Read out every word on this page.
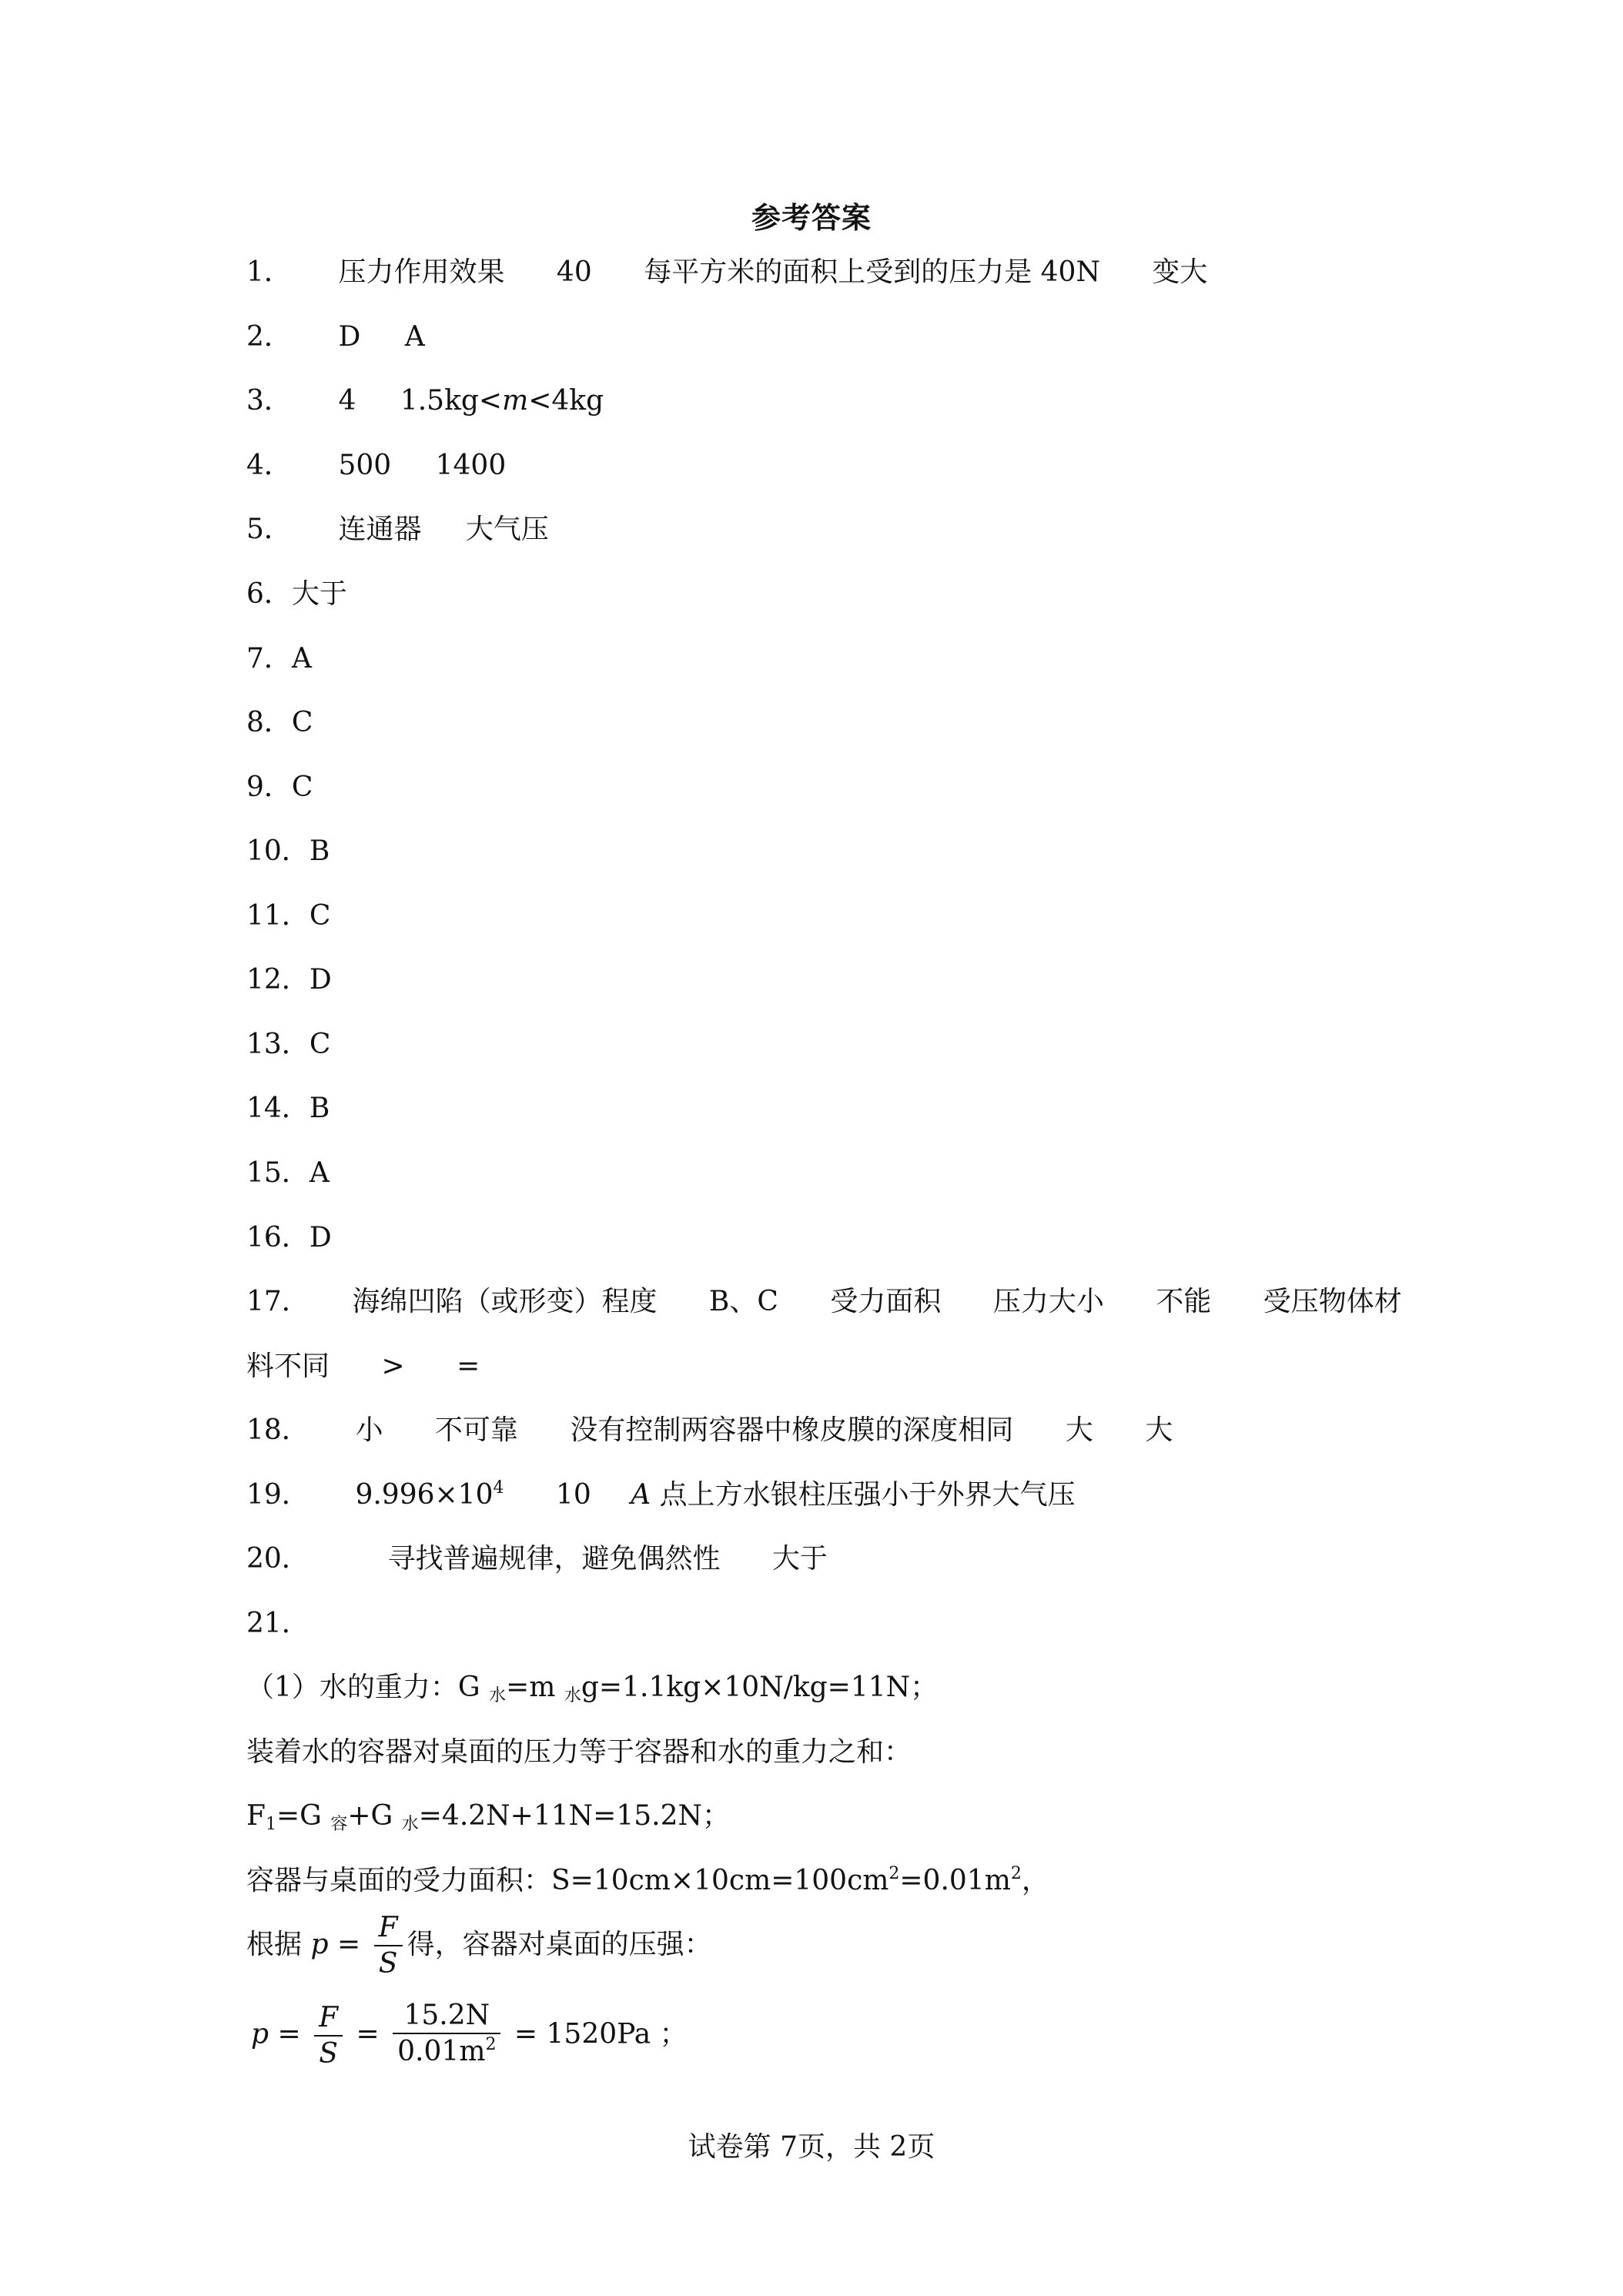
参考答案
1． 压力作用效果 40 每平方米的面积上受到的压力是 40N 变大
2． D A
3． 4 1.5kg<m<4kg
4． 500 1400
5． 连通器 大气压
6．大于
7．A
8．C
9．C
10．B
11．C
12．D
13．C
14．B
15．A
16．D
17． 海绵凹陷（或形变）程度 B、C 受力面积 压力大小 不能 受压物体材
料不同 > =
18． 小 不可靠 没有控制两容器中橡皮膜的深度相同 大 大
19． $9.996\times 10^4$ 10 A 点上方水银柱压强小于外界大气压
20．	寻找普遍规律，避免偶然性 大于
21．
（1）水的重力：G 水=m 水g=1.1kg×10N/kg=11N；
装着水的容器对桌面的压力等于容器和水的重力之和：
F1=G 容+G 水=4.2N+11N=15.2N；
容器与桌面的受力面积：$S=10cm\times 10cm=100cm^2=0.01m^2$，
根据 $p = \frac{F}{S}$ 得，容器对桌面的压强：
$p = \frac{F}{S} = \frac{15.2N}{0.01m^2} = 1520Pa$ ；
试卷第 7页，共 2页
